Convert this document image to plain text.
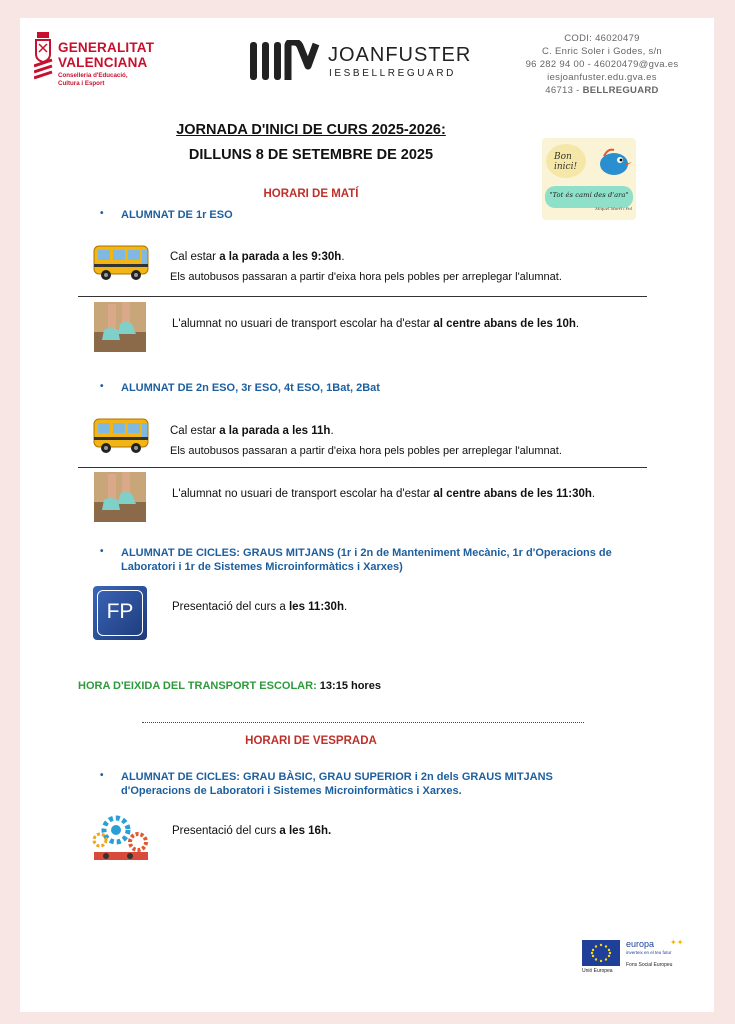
GENERALITAT
VALENCIANA
Conselleria d'Educació,
Cultura i Esport
JOANFUSTER
IESBELLREGUARD
CODI: 46020479
C. Enric Soler i Godes, s/n
96 282 94 00 - 46020479@gva.es
iesjoanfuster.edu.gva.es
46713 - BELLREGUARD
JORNADA D'INICI DE CURS 2025-2026:
DILLUNS 8 DE SETEMBRE DE 2025	Bon
inici!
"Tot és camí des d'ara"
Miquel Martí i Pol
HORARI DE MATÍ
• ALUMNAT DE 1r ESO
Cal estar a la parada a les 9:30h.
Els autobusos passaran a partir d'eixa hora pels pobles per arreplegar l'alumnat.
L'alumnat no usuari de transport escolar ha d'estar al centre abans de les 10h.
• ALUMNAT DE 2n ESO, 3r ESO, 4t ESO, 1Bat, 2Bat
Cal estar a la parada a les 11h.
Els autobusos passaran a partir d'eixa hora pels pobles per arreplegar l'alumnat.
L'alumnat no usuari de transport escolar ha d'estar al centre abans de les 11:30h.
• ALUMNAT DE CICLES: GRAUS MITJANS (1r i 2n de Manteniment Mecànic, 1r d'Operacions de
Laboratori i 1r de Sistemes Microinformàtics i Xarxes)
FP	Presentació del curs a les 11:30h.
HORA D'EIXIDA DEL TRANSPORT ESCOLAR: 13:15 hores
HORARI DE VESPRADA
• ALUMNAT DE CICLES: GRAU BÀSIC, GRAU SUPERIOR i 2n dels GRAUS MITJANS
d'Operacions de Laboratori i Sistemes Microinformàtics i Xarxes.
Presentació del curs a les 16h.
europa ✦✦
inverteix en el teu futur
Unió Europea
Fons Social Europeu
